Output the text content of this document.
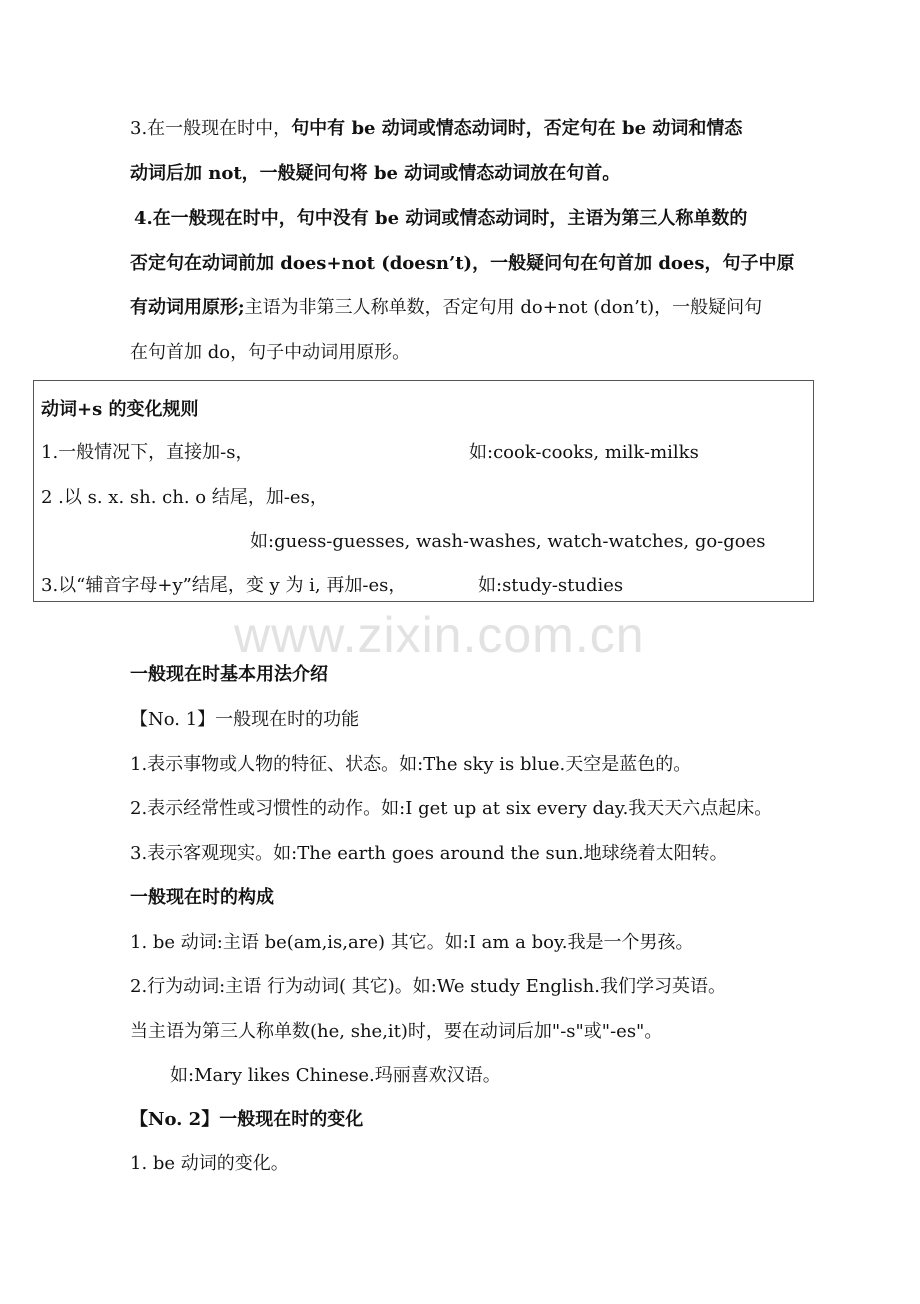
3.在一般现在时中，句中有 be 动词或情态动词时，否定句在 be 动词和情态
动词后加 not，一般疑问句将 be 动词或情态动词放在句首。
4.在一般现在时中，句中没有 be 动词或情态动词时，主语为第三人称单数的
否定句在动词前加 does+not (doesn’t)，一般疑问句在句首加 does，句子中原
有动词用原形;主语为非第三人称单数，否定句用 do+not (don’t)，一般疑问句
在句首加 do，句子中动词用原形。
动词+s 的变化规则
1.一般情况下，直接加-s，	如:cook-cooks, milk-milks
2 .以 s. x. sh. ch. o 结尾，加-es，
如:guess-guesses, wash-washes, watch-watches, go-goes
3.以“辅音字母+y”结尾，变 y 为 i, 再加-es，	如:study-studies
www.zixin.com.cn
一般现在时基本用法介绍
【No. 1】一般现在时的功能
1.表示事物或人物的特征、状态。如:The sky is blue.天空是蓝色的。
2.表示经常性或习惯性的动作。如:I get up at six every day.我天天六点起床。
3.表示客观现实。如:The earth goes around the sun.地球绕着太阳转。
一般现在时的构成
1. be 动词:主语 be(am,is,are) 其它。如:I am a boy.我是一个男孩。
2.行为动词:主语 行为动词( 其它)。如:We study English.我们学习英语。
当主语为第三人称单数(he, she,it)时，要在动词后加"-s"或"-es"。
如:Mary likes Chinese.玛丽喜欢汉语。
【No. 2】一般现在时的变化
1. be 动词的变化。
